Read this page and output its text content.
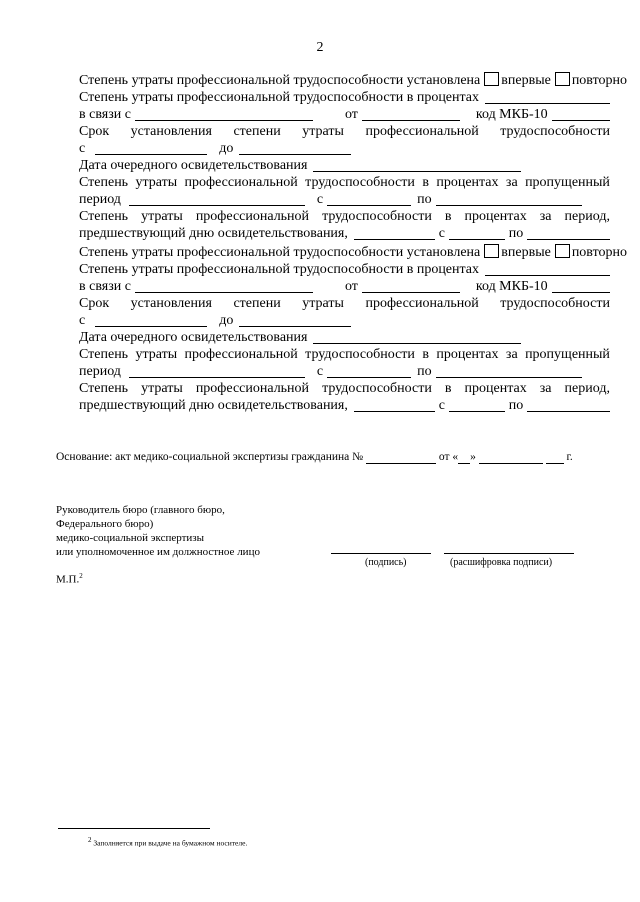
2
Степень утраты профессиональной трудоспособности установлена впервые повторно
Степень утраты профессиональной трудоспособности в процентах
в связи с	от	код МКБ-10
Срок установления степени утраты профессиональной трудоспособности
с	до
Дата очередного освидетельствования
Степень утраты профессиональной трудоспособности в процентах за пропущенный
период	с	по
Степень утраты профессиональной трудоспособности в процентах за период,
предшествующий дню освидетельствования,	с	по
Степень утраты профессиональной трудоспособности установлена впервые повторно
Степень утраты профессиональной трудоспособности в процентах
в связи с	от	код МКБ-10
Срок установления степени утраты профессиональной трудоспособности
с	до
Дата очередного освидетельствования
Степень утраты профессиональной трудоспособности в процентах за пропущенный
период	с	по
Степень утраты профессиональной трудоспособности в процентах за период,
предшествующий дню освидетельствования,	с	по
Основание: акт медико-социальной экспертизы гражданина №	от « »	г.
Руководитель бюро (главного бюро,
Федерального бюро)
медико-социальной экспертизы
или уполномоченное им должностное лицо
(подпись)	(расшифровка подписи)
М.П.$^2$
$^2$ Заполняется при выдаче на бумажном носителе.
